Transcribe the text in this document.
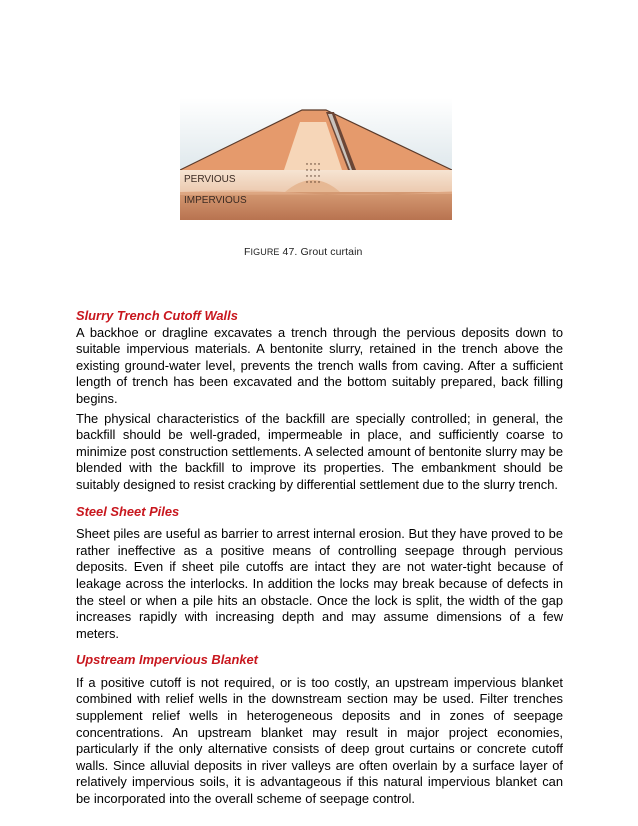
PERVIOUS
IMPERVIOUS
FIGURE 47. Grout curtain

Slurry Trench Cutoff Walls

A backhoe or dragline excavates a trench through the pervious deposits down to suitable impervious materials. A bentonite slurry, retained in the trench above the existing ground-water level, prevents the trench walls from caving. After a sufficient length of trench has been excavated and the bottom suitably prepared, back filling begins.

The physical characteristics of the backfill are specially controlled; in general, the backfill should be well-graded, impermeable in place, and sufficiently coarse to minimize post construction settlements. A selected amount of bentonite slurry may be blended with the backfill to improve its properties. The embankment should be suitably designed to resist cracking by differential settlement due to the slurry trench.

Steel Sheet Piles

Sheet piles are useful as barrier to arrest internal erosion. But they have proved to be rather ineffective as a positive means of controlling seepage through pervious deposits. Even if sheet pile cutoffs are intact they are not water-tight because of leakage across the interlocks. In addition the locks may break because of defects in the steel or when a pile hits an obstacle. Once the lock is split, the width of the gap increases rapidly with increasing depth and may assume dimensions of a few meters.

Upstream Impervious Blanket

If a positive cutoff is not required, or is too costly, an upstream impervious blanket combined with relief wells in the downstream section may be used. Filter trenches supplement relief wells in heterogeneous deposits and in zones of seepage concentrations. An upstream blanket may result in major project economies, particularly if the only alternative consists of deep grout curtains or concrete cutoff walls. Since alluvial deposits in river valleys are often overlain by a surface layer of relatively impervious soils, it is advantageous if this natural impervious blanket can be incorporated into the overall scheme of seepage control.
